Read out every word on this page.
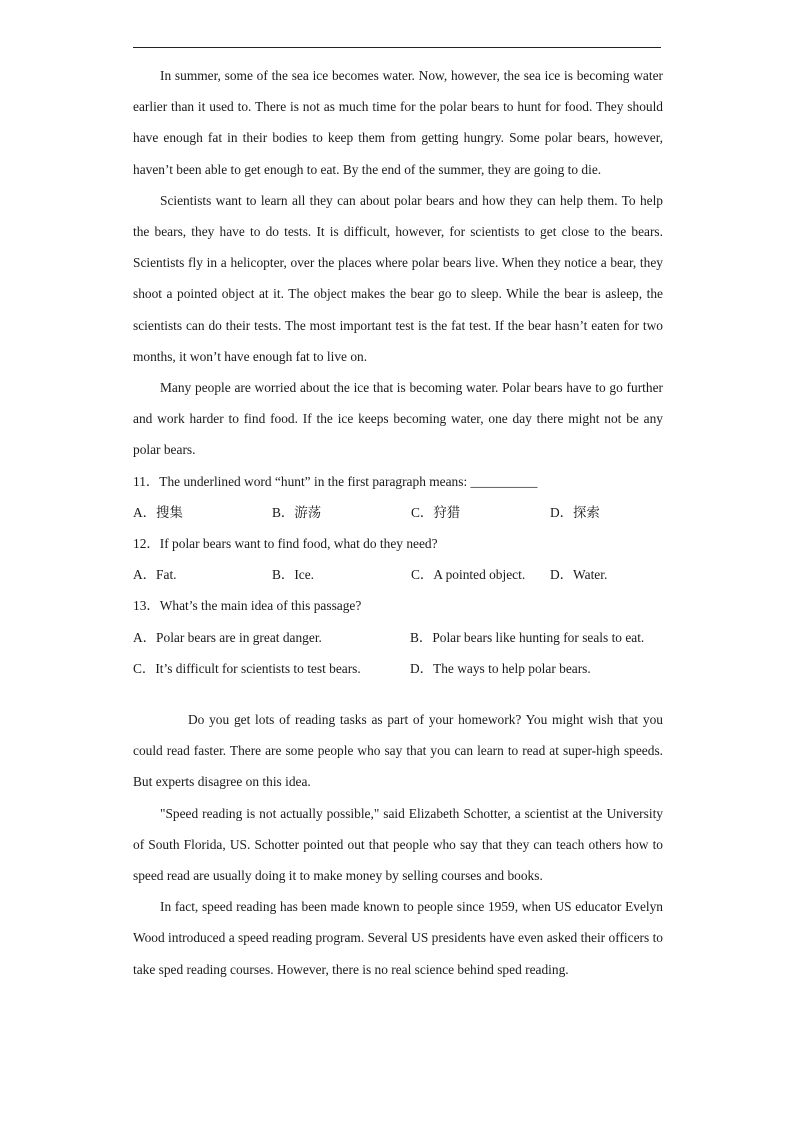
In summer, some of the sea ice becomes water. Now, however, the sea ice is becoming water earlier than it used to. There is not as much time for the polar bears to hunt for food. They should have enough fat in their bodies to keep them from getting hungry. Some polar bears, however, haven’t been able to get enough to eat. By the end of the summer, they are going to die.

Scientists want to learn all they can about polar bears and how they can help them. To help the bears, they have to do tests. It is difficult, however, for scientists to get close to the bears. Scientists fly in a helicopter, over the places where polar bears live. When they notice a bear, they shoot a pointed object at it. The object makes the bear go to sleep. While the bear is asleep, the scientists can do their tests. The most important test is the fat test. If the bear hasn’t eaten for two months, it won’t have enough fat to live on.

Many people are worried about the ice that is becoming water. Polar bears have to go further and work harder to find food. If the ice keeps becoming water, one day there might not be any polar bears.

11．The underlined word “hunt” in the first paragraph means: __________

A．搜集	B．游荡	C．狩猎	D．探索

12．If polar bears want to find food, what do they need?

A．Fat.	B．Ice.	C．A pointed object.	D．Water.

13．What’s the main idea of this passage?

A．Polar bears are in great danger.	B．Polar bears like hunting for seals to eat.
C．It’s difficult for scientists to test bears.	D．The ways to help polar bears.

Do you get lots of reading tasks as part of your homework? You might wish that you could read faster. There are some people who say that you can learn to read at super-high speeds. But experts disagree on this idea.

"Speed reading is not actually possible," said Elizabeth Schotter, a scientist at the University of South Florida, US. Schotter pointed out that people who say that they can teach others how to speed read are usually doing it to make money by selling courses and books.

In fact, speed reading has been made known to people since 1959, when US educator Evelyn Wood introduced a speed reading program. Several US presidents have even asked their officers to take sped reading courses. However, there is no real science behind sped reading.
